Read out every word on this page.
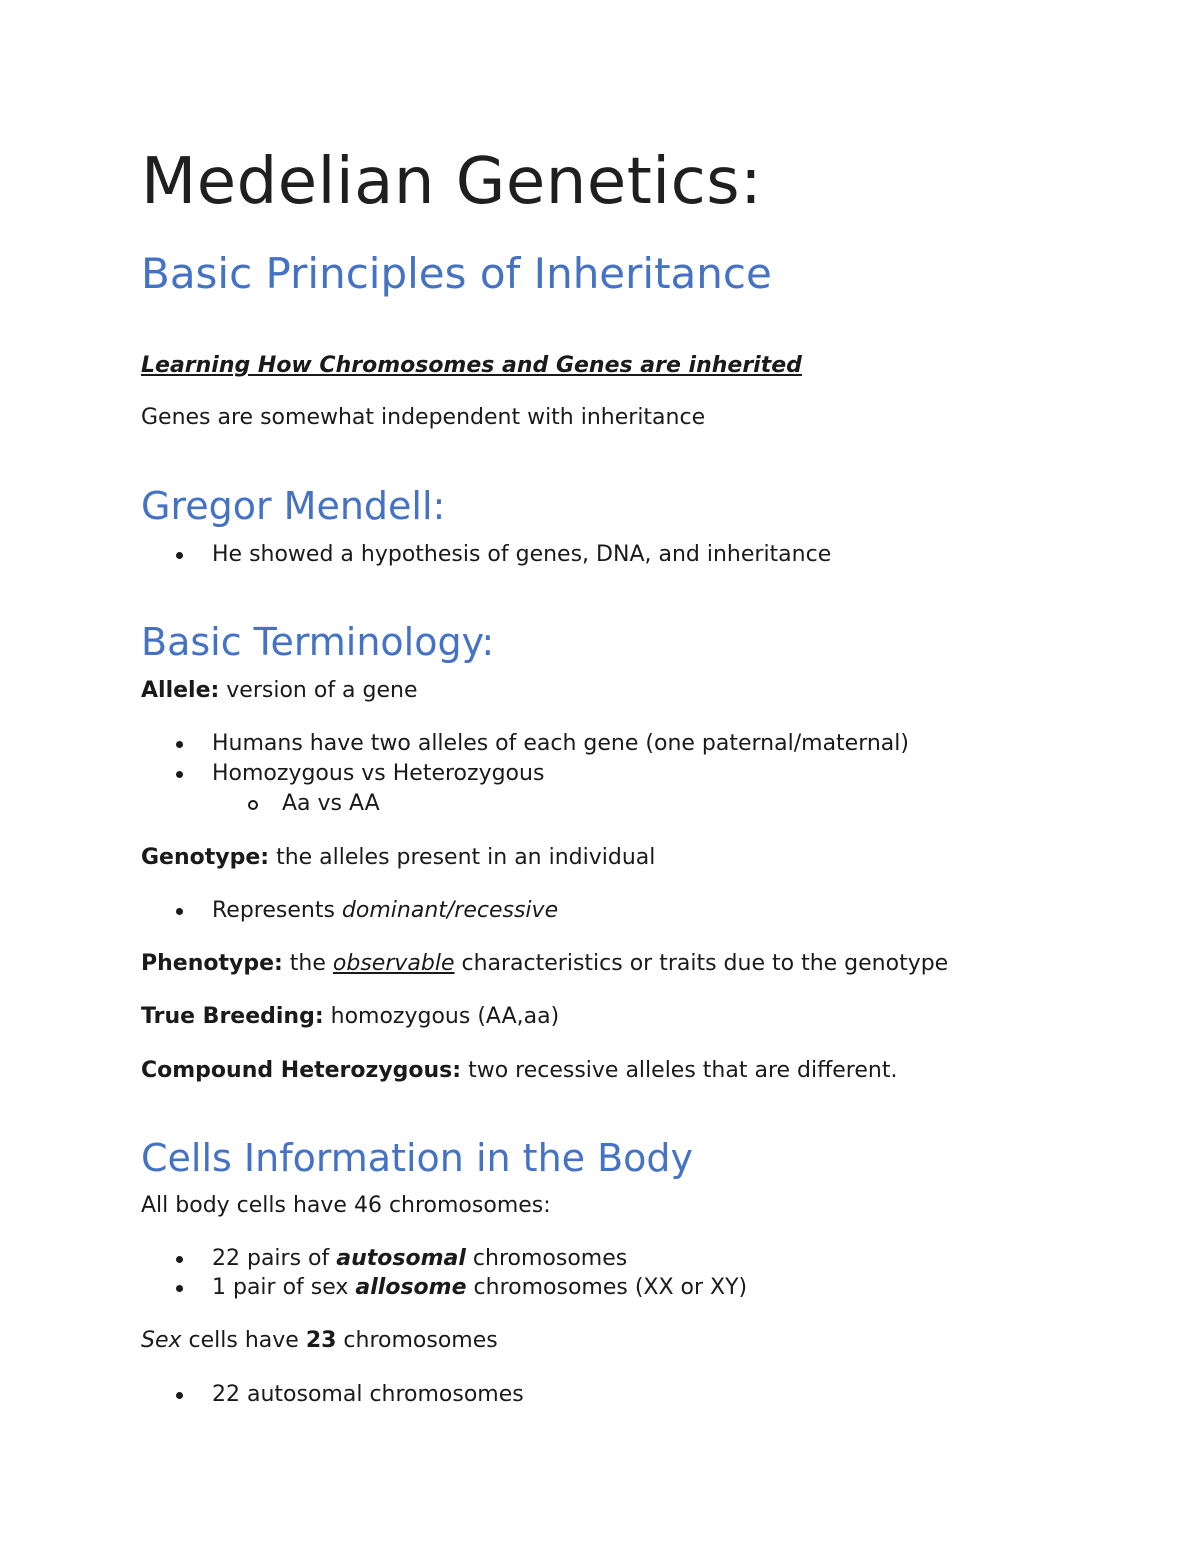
Medelian Genetics:
Basic Principles of Inheritance
Learning How Chromosomes and Genes are inherited
Genes are somewhat independent with inheritance
Gregor Mendell:
He showed a hypothesis of genes, DNA, and inheritance
Basic Terminology:
Allele: version of a gene
Humans have two alleles of each gene (one paternal/maternal)
Homozygous vs Heterozygous
Aa vs AA
Genotype: the alleles present in an individual
Represents dominant/recessive
Phenotype: the observable characteristics or traits due to the genotype
True Breeding: homozygous (AA,aa)
Compound Heterozygous: two recessive alleles that are different.
Cells Information in the Body
All body cells have 46 chromosomes:
22 pairs of autosomal chromosomes
1 pair of sex allosome chromosomes (XX or XY)
Sex cells have 23 chromosomes
22 autosomal chromosomes
